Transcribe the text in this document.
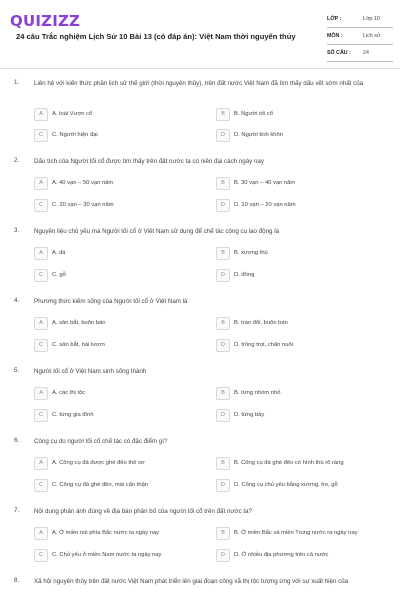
QUIZIZZ
24 câu Trắc nghiệm Lịch Sử 10 Bài 13 (có đáp án): Việt Nam thời nguyên thủy
LỚP :	Lớp 10
MÔN :	Lịch sử
SỐ CÂU : 24
1. Liên hệ với kiến thức phần lịch sử thế giới (thời nguyên thủy), trên đất nước Việt Nam đã tìm thấy dấu vết sớm nhất của
A	A. loài Vượn cổ	B	B. Người tối cổ
C	C. Người hiện đại	D	D. Người tinh khôn
2. Dấu tích của Người tối cổ được tìm thấy trên đất nước ta có niên đại cách ngày nay
A	A. 40 vạn – 50 vạn năm	B	B. 30 vạn – 40 vạn năm
C	C. 20 vạn – 30 vạn năm	D	D. 10 vạn – 20 vạn năm
3. Nguyên liệu chủ yếu mà Người tối cổ ở Việt Nam sử dụng để chế tác công cụ lao động là
A	A. đá	B	B. xương thú
C	C. gỗ	D	D. đồng
4. Phương thức kiếm sống của Người tối cổ ở Việt Nam là
A	A. săn bắt, buôn bán	B	B. trao đổi, buôn bán
C	C. săn bắt, hái lượm	D	D. trồng trọt, chăn nuôi
5. Người tối cổ ở Việt Nam sinh sống thành
A	A. các thị tộc	B	B. từng nhóm nhỏ
C	C. từng gia đình	D	D. từng bầy
6. Công cụ do người tối cổ chế tác có đặc điểm gì?
A	A. Công cụ đá được ghè đẽo thô sơ	B	B. Công cụ đá ghè đẽo có hình thù rõ ràng
C	C. Công cụ đá ghè đẽo, mài cẩn thận	D	D. Công cụ chủ yếu bằng xương, tre, gỗ
7. Nội dung phản ánh đúng về địa bàn phân bố của người tối cổ trên đất nước ta?
A	A. Ở miền núi phía Bắc nước ta ngày nay	B	B. Ở miền Bắc và miền Trung nước ra ngày nay
C	C. Chủ yếu ở miền Nam nước ta ngày nay	D	D. Ở nhiều địa phương trên cả nước
8. Xã hội nguyên thủy trên đất nước Việt Nam phát triển lên giai đoạn công xã thị tộc tương ứng với sự xuất hiện của
